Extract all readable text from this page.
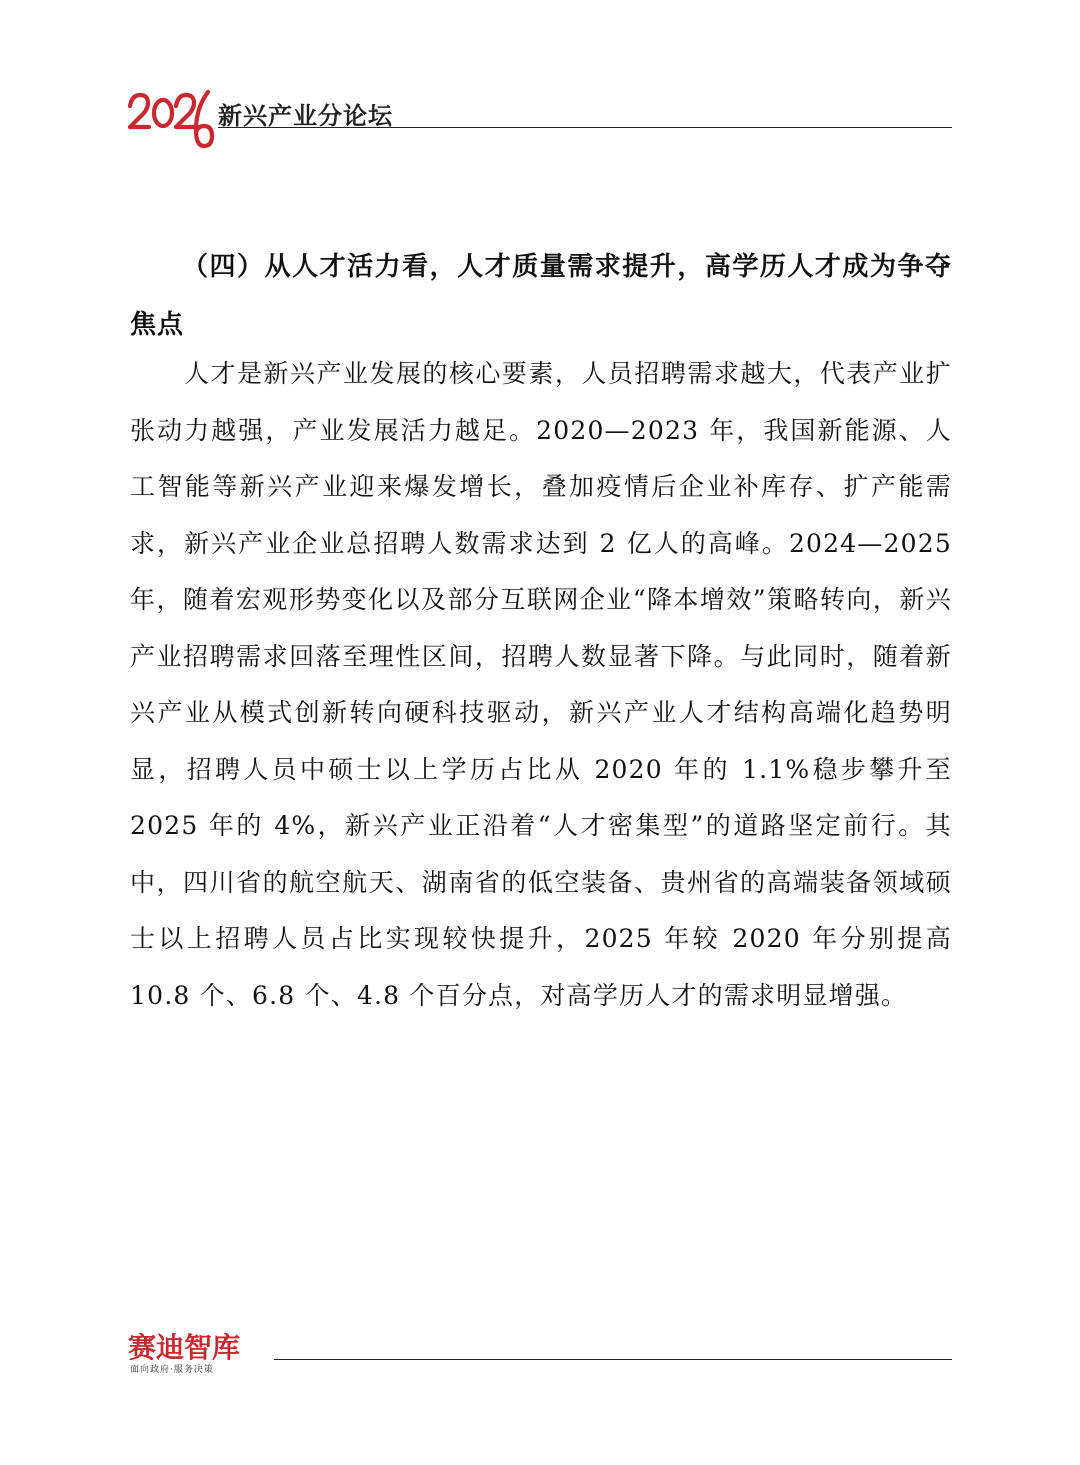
新兴产业分论坛
（四）从人才活力看，人才质量需求提升，高学历人才成为争夺焦点

人才是新兴产业发展的核心要素，人员招聘需求越大，代表产业扩张动力越强，产业发展活力越足。2020—2023 年，我国新能源、人工智能等新兴产业迎来爆发增长，叠加疫情后企业补库存、扩产能需求，新兴产业企业总招聘人数需求达到 2 亿人的高峰。2024—2025 年，随着宏观形势变化以及部分互联网企业“降本增效”策略转向，新兴产业招聘需求回落至理性区间，招聘人数显著下降。与此同时，随着新兴产业从模式创新转向硬科技驱动，新兴产业人才结构高端化趋势明显，招聘人员中硕士以上学历占比从 2020 年的 1.1%稳步攀升至 2025 年的 4%，新兴产业正沿着“人才密集型”的道路坚定前行。其中，四川省的航空航天、湖南省的低空装备、贵州省的高端装备领域硕士以上招聘人员占比实现较快提升，2025 年较 2020 年分别提高 10.8 个、6.8 个、4.8 个百分点，对高学历人才的需求明显增强。

赛迪智库
面向政府·服务决策
